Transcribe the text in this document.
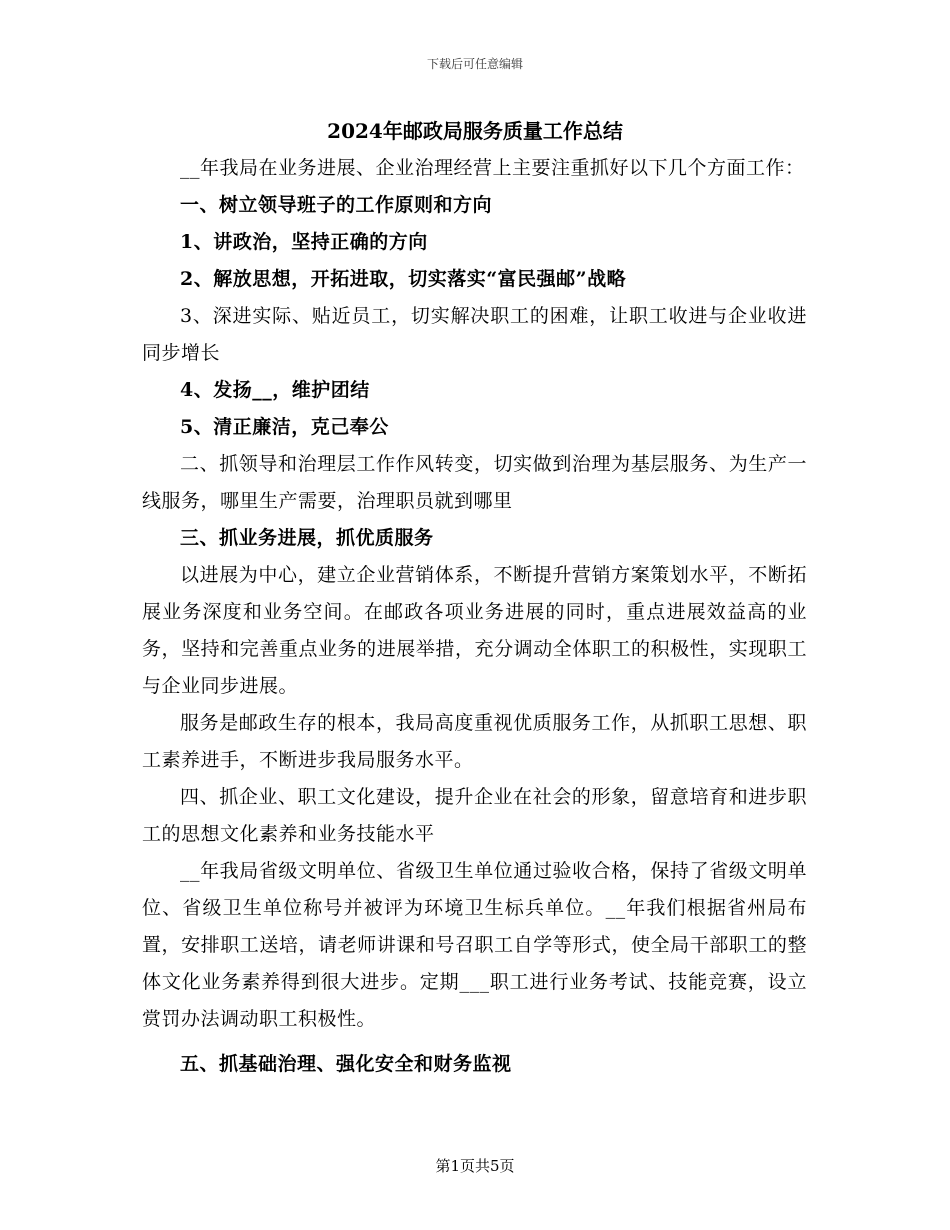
下载后可任意编辑
2024年邮政局服务质量工作总结

__年我局在业务进展、企业治理经营上主要注重抓好以下几个方面工作：

一、树立领导班子的工作原则和方向

1、讲政治，坚持正确的方向

2、解放思想，开拓进取，切实落实“富民强邮”战略

3、深进实际、贴近员工，切实解决职工的困难，让职工收进与企业收进同步增长

4、发扬__，维护团结

5、清正廉洁，克己奉公

二、抓领导和治理层工作作风转变，切实做到治理为基层服务、为生产一线服务，哪里生产需要，治理职员就到哪里

三、抓业务进展，抓优质服务

以进展为中心，建立企业营销体系，不断提升营销方案策划水平，不断拓展业务深度和业务空间。在邮政各项业务进展的同时，重点进展效益高的业务，坚持和完善重点业务的进展举措，充分调动全体职工的积极性，实现职工与企业同步进展。

服务是邮政生存的根本，我局高度重视优质服务工作，从抓职工思想、职工素养进手，不断进步我局服务水平。

四、抓企业、职工文化建设，提升企业在社会的形象，留意培育和进步职工的思想文化素养和业务技能水平

__年我局省级文明单位、省级卫生单位通过验收合格，保持了省级文明单位、省级卫生单位称号并被评为环境卫生标兵单位。__年我们根据省州局布置，安排职工送培，请老师讲课和号召职工自学等形式，使全局干部职工的整体文化业务素养得到很大进步。定期___职工进行业务考试、技能竞赛，设立赏罚办法调动职工积极性。

五、抓基础治理、强化安全和财务监视

第1页共5页
